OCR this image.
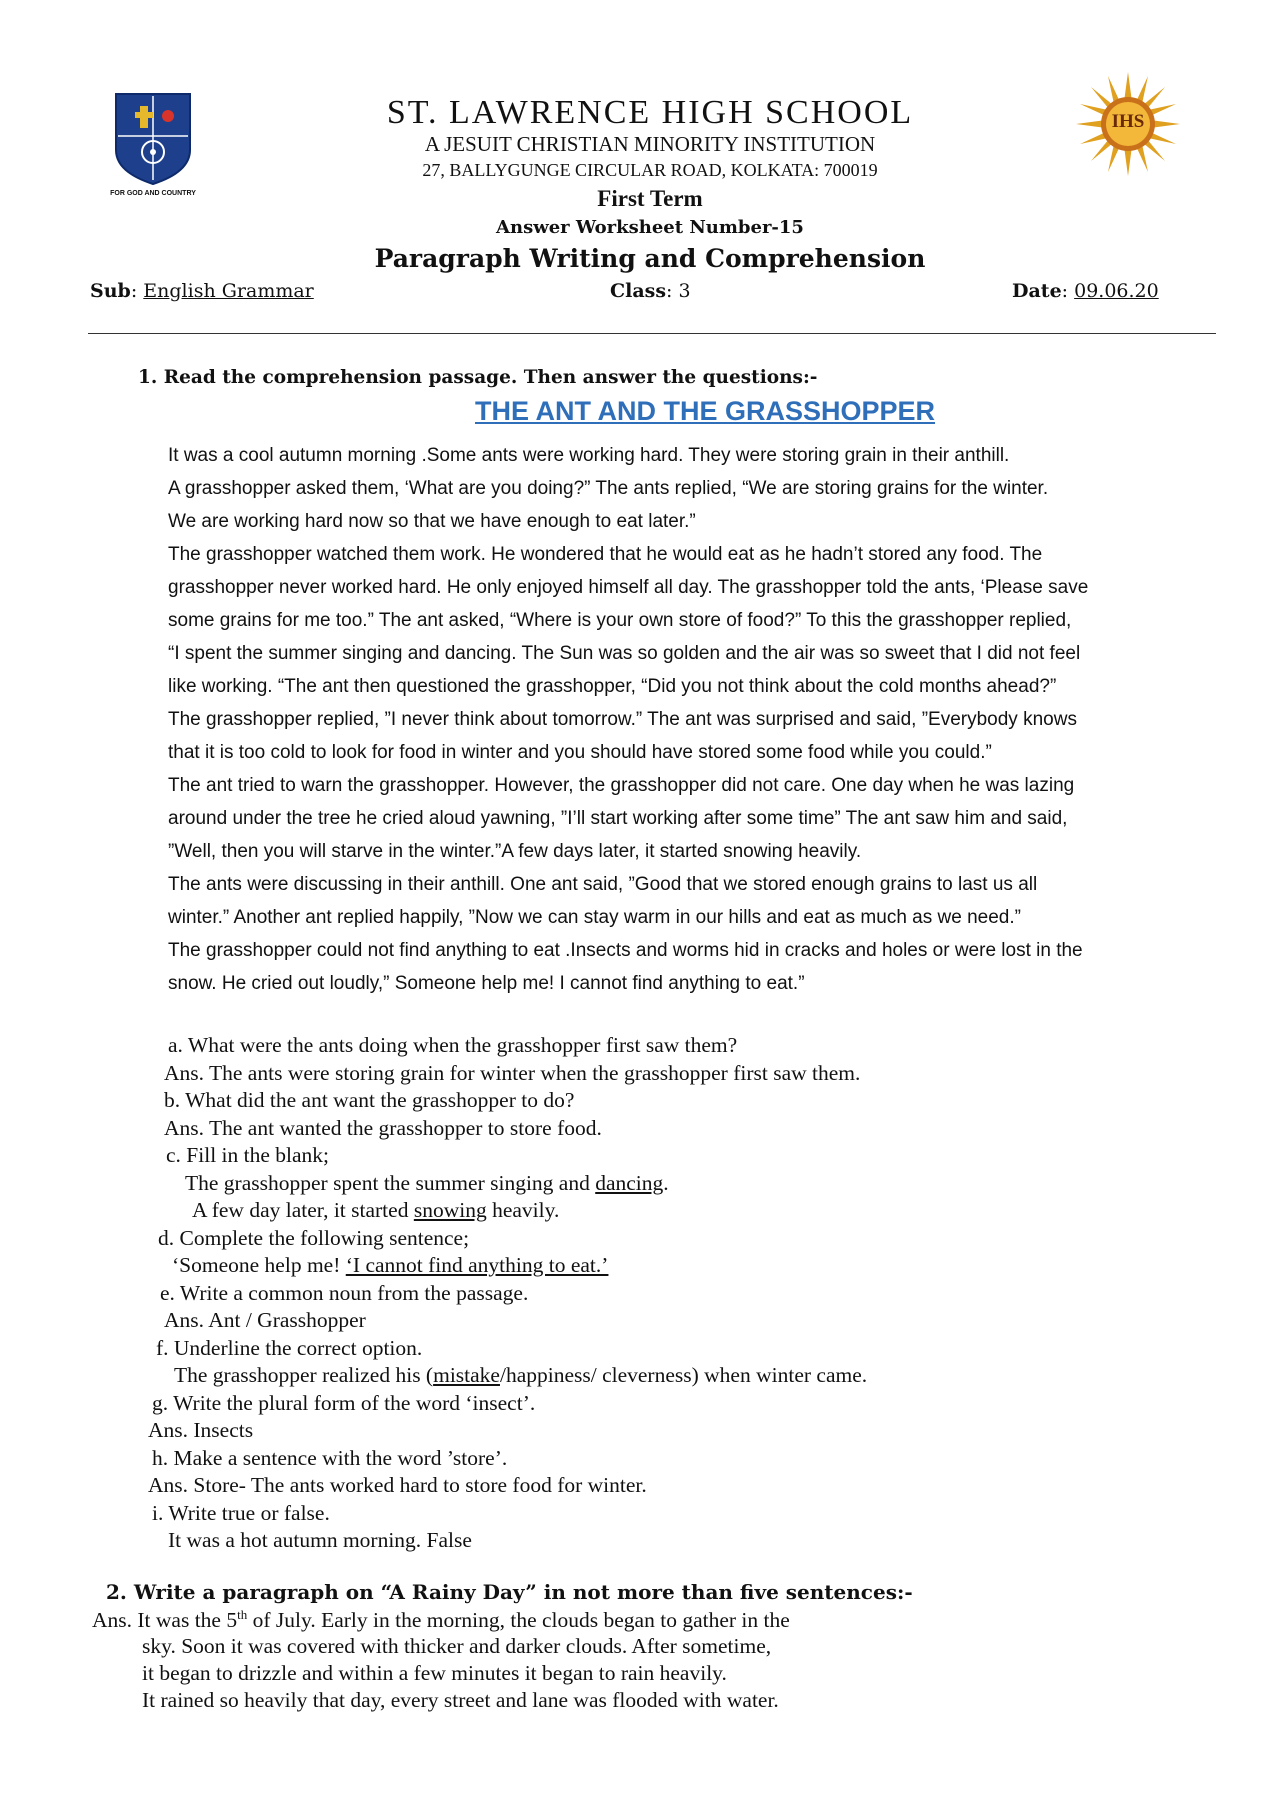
FOR GOD AND COUNTRY
IHS
ST. LAWRENCE HIGH SCHOOL
A JESUIT CHRISTIAN MINORITY INSTITUTION
27, BALLYGUNGE CIRCULAR ROAD, KOLKATA: 700019
First Term
Answer Worksheet Number-15
Paragraph Writing and Comprehension
Sub: English Grammar	Class: 3	Date: 09.06.20
1. Read the comprehension passage. Then answer the questions:-
THE ANT AND THE GRASSHOPPER
It was a cool autumn morning .Some ants were working hard. They were storing grain in their anthill.
A grasshopper asked them, ‘What are you doing?” The ants replied, “We are storing grains for the winter.
We are working hard now so that we have enough to eat later.”
The grasshopper watched them work. He wondered that he would eat as he hadn’t stored any food. The
grasshopper never worked hard. He only enjoyed himself all day. The grasshopper told the ants, ‘Please save
some grains for me too.” The ant asked, “Where is your own store of food?” To this the grasshopper replied,
“I spent the summer singing and dancing. The Sun was so golden and the air was so sweet that I did not feel
like working. “The ant then questioned the grasshopper, “Did you not think about the cold months ahead?”
The grasshopper replied, ”I never think about tomorrow.” The ant was surprised and said, ”Everybody knows
that it is too cold to look for food in winter and you should have stored some food while you could.”
The ant tried to warn the grasshopper. However, the grasshopper did not care. One day when he was lazing
around under the tree he cried aloud yawning, ”I’ll start working after some time” The ant saw him and said,
”Well, then you will starve in the winter.”A few days later, it started snowing heavily.
The ants were discussing in their anthill. One ant said, ”Good that we stored enough grains to last us all
winter.” Another ant replied happily, ”Now we can stay warm in our hills and eat as much as we need.”
The grasshopper could not find anything to eat .Insects and worms hid in cracks and holes or were lost in the
snow. He cried out loudly,” Someone help me! I cannot find anything to eat.”
a. What were the ants doing when the grasshopper first saw them?
Ans. The ants were storing grain for winter when the grasshopper first saw them.
b. What did the ant want the grasshopper to do?
Ans. The ant wanted the grasshopper to store food.
c. Fill in the blank;
The grasshopper spent the summer singing and dancing.
A few day later, it started snowing heavily.
d. Complete the following sentence;
‘Someone help me! ‘I cannot find anything to eat.’
e. Write a common noun from the passage.
Ans. Ant / Grasshopper
f. Underline the correct option.
The grasshopper realized his (mistake/happiness/ cleverness) when winter came.
g. Write the plural form of the word ‘insect’.
Ans. Insects
h. Make a sentence with the word ’store’.
Ans. Store- The ants worked hard to store food for winter.
i. Write true or false.
It was a hot autumn morning. False
2. Write a paragraph on “A Rainy Day” in not more than five sentences:-
Ans. It was the 5th of July. Early in the morning, the clouds began to gather in the
sky. Soon it was covered with thicker and darker clouds. After sometime,
it began to drizzle and within a few minutes it began to rain heavily.
It rained so heavily that day, every street and lane was flooded with water.
